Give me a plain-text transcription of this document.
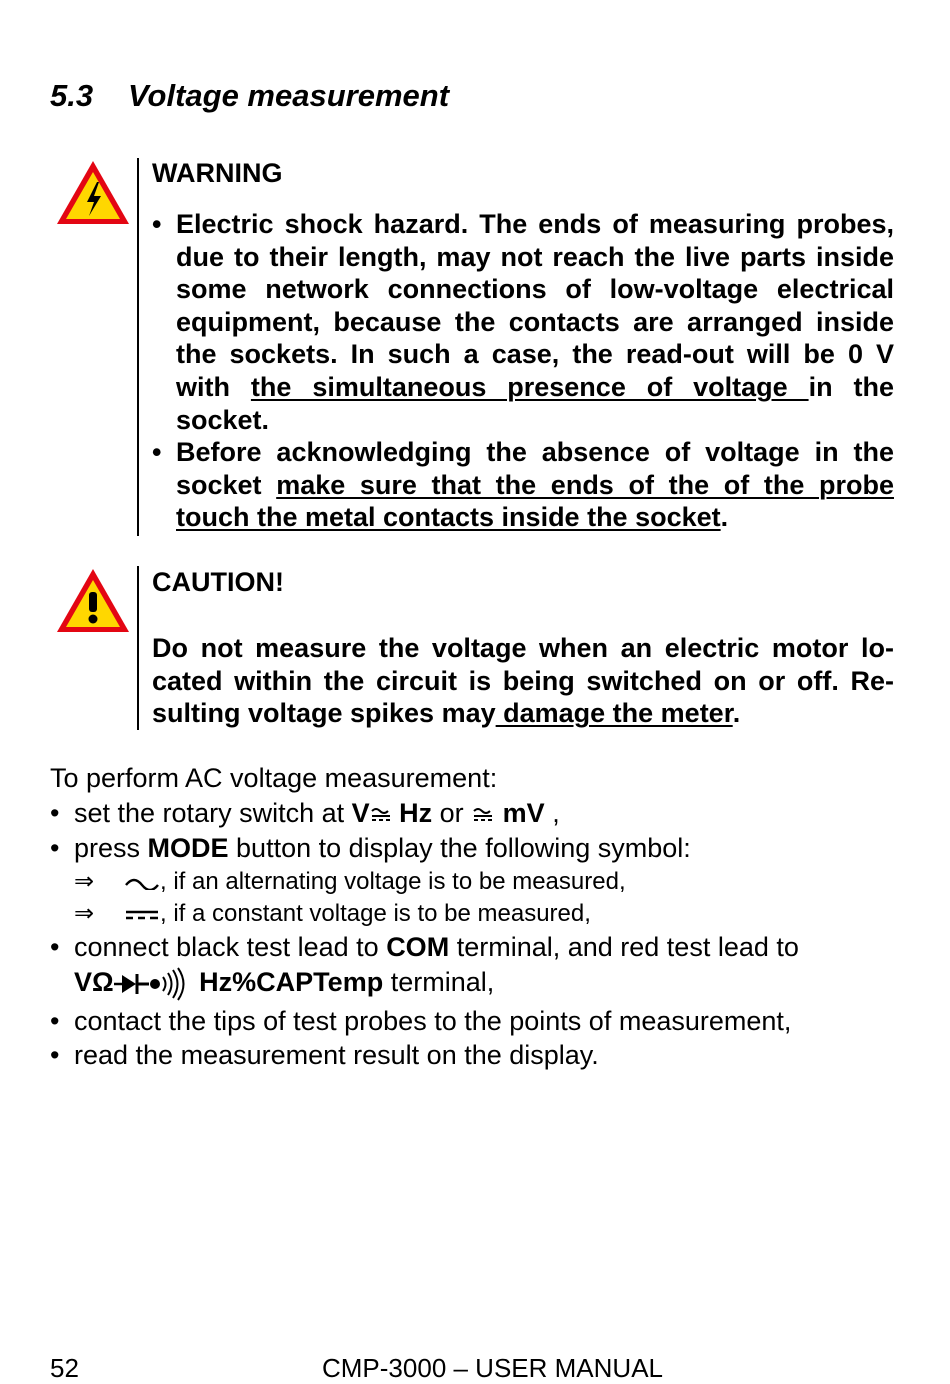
5.3 Voltage measurement
WARNING
• Electric shock hazard. The ends of measuring probes, due to their length, may not reach the live parts inside some network connections of low-voltage electrical equipment, because the contacts are arranged inside the sockets. In such a case, the read-out will be 0 V with the simultaneous presence of voltage in the socket.
• Before acknowledging the absence of voltage in the socket make sure that the ends of the of the probe touch the metal contacts inside the socket.
CAUTION!

Do not measure the voltage when an electric motor lo-cated within the circuit is being switched on or off. Re-sulting voltage spikes may damage the meter.

To perform AC voltage measurement:
• set the rotary switch at V Hz or  mV ,
• press MODE button to display the following symbol:
⇒	, if an alternating voltage is to be measured,
⇒	, if a constant voltage is to be measured,
• connect black test lead to COM terminal, and red test lead to
VΩ	Hz%CAPTemp terminal,
• contact the tips of test probes to the points of measurement,
• read the measurement result on the display.
52	CMP-3000 – USER MANUAL
